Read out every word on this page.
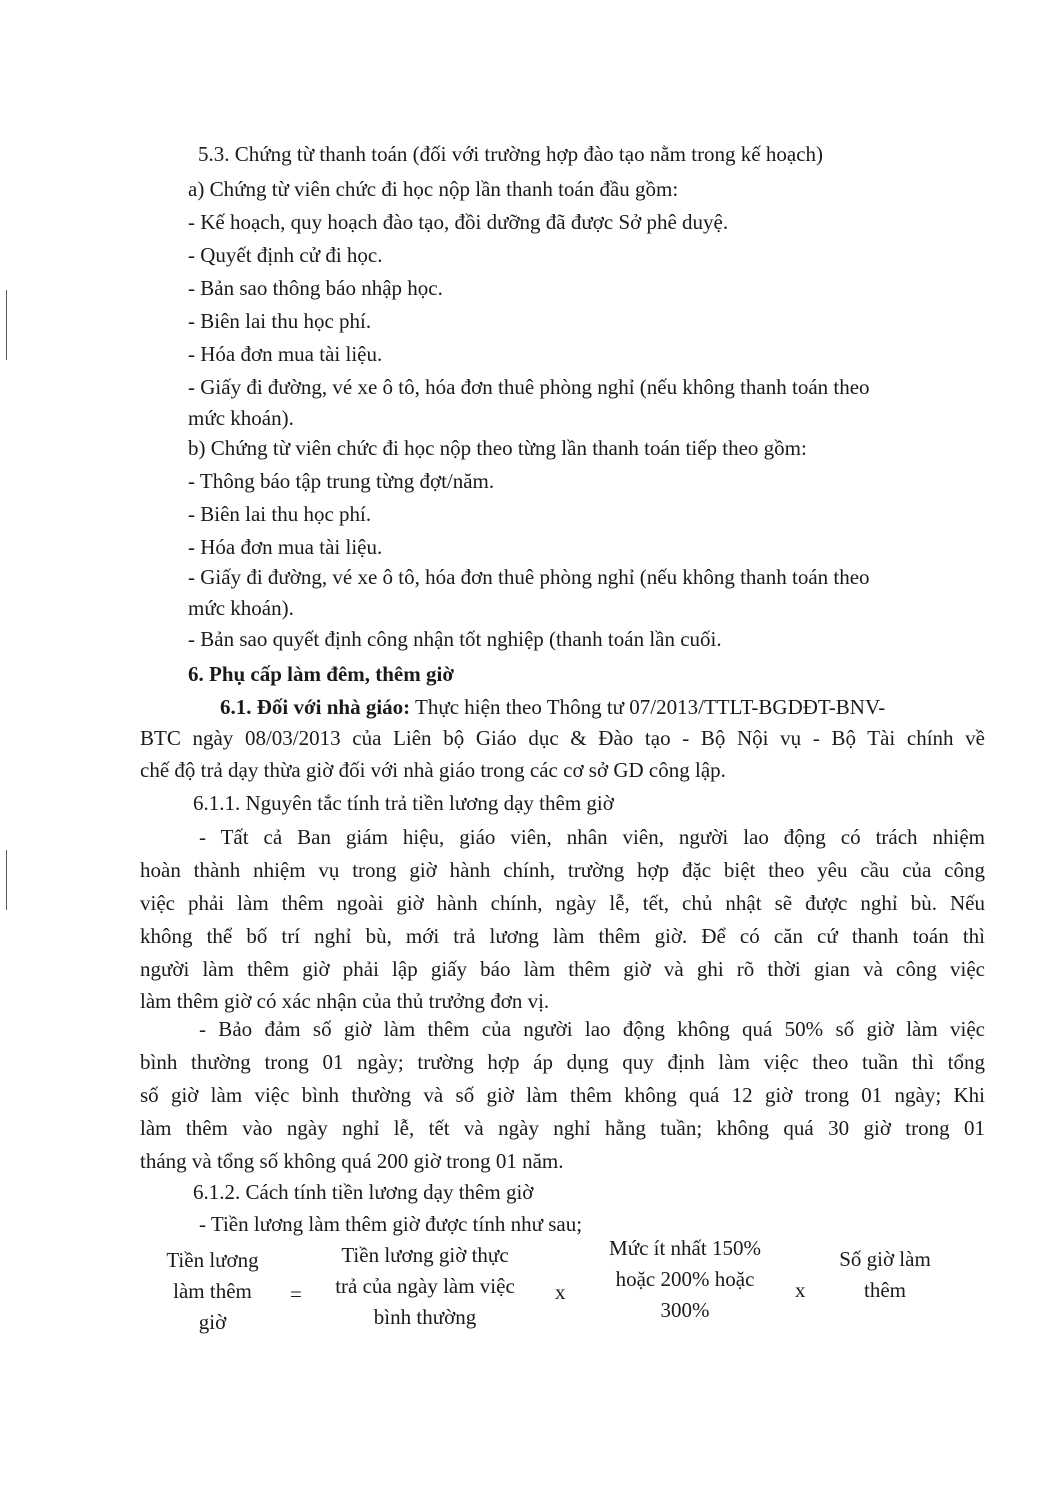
5.3. Chứng từ thanh toán (đối với trường hợp đào tạo nằm trong kế hoạch)
a) Chứng từ viên chức đi học nộp lần thanh toán đầu gồm:
- Kế hoạch, quy hoạch đào tạo, đồi dưỡng đã được Sở phê duyệ.
- Quyết định cử đi học.
- Bản sao thông báo nhập học.
- Biên lai thu học phí.
- Hóa đơn mua tài liệu.
- Giấy đi đường, vé xe ô tô, hóa đơn thuê phòng nghỉ (nếu không thanh toán theo
mức khoán).
b) Chứng từ viên chức đi học nộp theo từng lần thanh toán tiếp theo gồm:
- Thông báo tập trung từng đợt/năm.
- Biên lai thu học phí.
- Hóa đơn mua tài liệu.
- Giấy đi đường, vé xe ô tô, hóa đơn thuê phòng nghỉ (nếu không thanh toán theo
mức khoán).
- Bản sao quyết định công nhận tốt nghiệp (thanh toán lần cuối.
6. Phụ cấp làm đêm, thêm giờ
6.1. Đối với nhà giáo: Thực hiện theo Thông tư 07/2013/TTLT-BGDĐT-BNV-
BTC ngày 08/03/2013 của Liên bộ Giáo dục & Đào tạo - Bộ Nội vụ - Bộ Tài chính về
chế độ trả dạy thừa giờ đối với nhà giáo trong các cơ sở GD công lập.
6.1.1. Nguyên tắc tính trả tiền lương dạy thêm giờ
- Tất cả Ban giám hiệu, giáo viên, nhân viên, người lao động có trách nhiệm
hoàn thành nhiệm vụ trong giờ hành chính, trường hợp đặc biệt theo yêu cầu của công
việc phải làm thêm ngoài giờ hành chính, ngày lễ, tết, chủ nhật sẽ được nghỉ bù. Nếu
không thể bố trí nghỉ bù, mới trả lương làm thêm giờ. Để có căn cứ thanh toán thì
người làm thêm giờ phải lập giấy báo làm thêm giờ và ghi rõ thời gian và công việc
làm thêm giờ có xác nhận của thủ trưởng đơn vị.
- Bảo đảm số giờ làm thêm của người lao động không quá 50% số giờ làm việc
bình thường trong 01 ngày; trường hợp áp dụng quy định làm việc theo tuần thì tổng
số giờ làm việc bình thường và số giờ làm thêm không quá 12 giờ trong 01 ngày; Khi
làm thêm vào ngày nghỉ lễ, tết và ngày nghỉ hằng tuần; không quá 30 giờ trong 01
tháng và tổng số không quá 200 giờ trong 01 năm.
6.1.2. Cách tính tiền lương dạy thêm giờ
- Tiền lương làm thêm giờ được tính như sau;
Tiền lương
làm thêm
giờ
=
Tiền lương giờ thực
trả của ngày làm việc
bình thường
x
Mức ít nhất 150%
hoặc 200% hoặc
300%
x
Số giờ làm
thêm
